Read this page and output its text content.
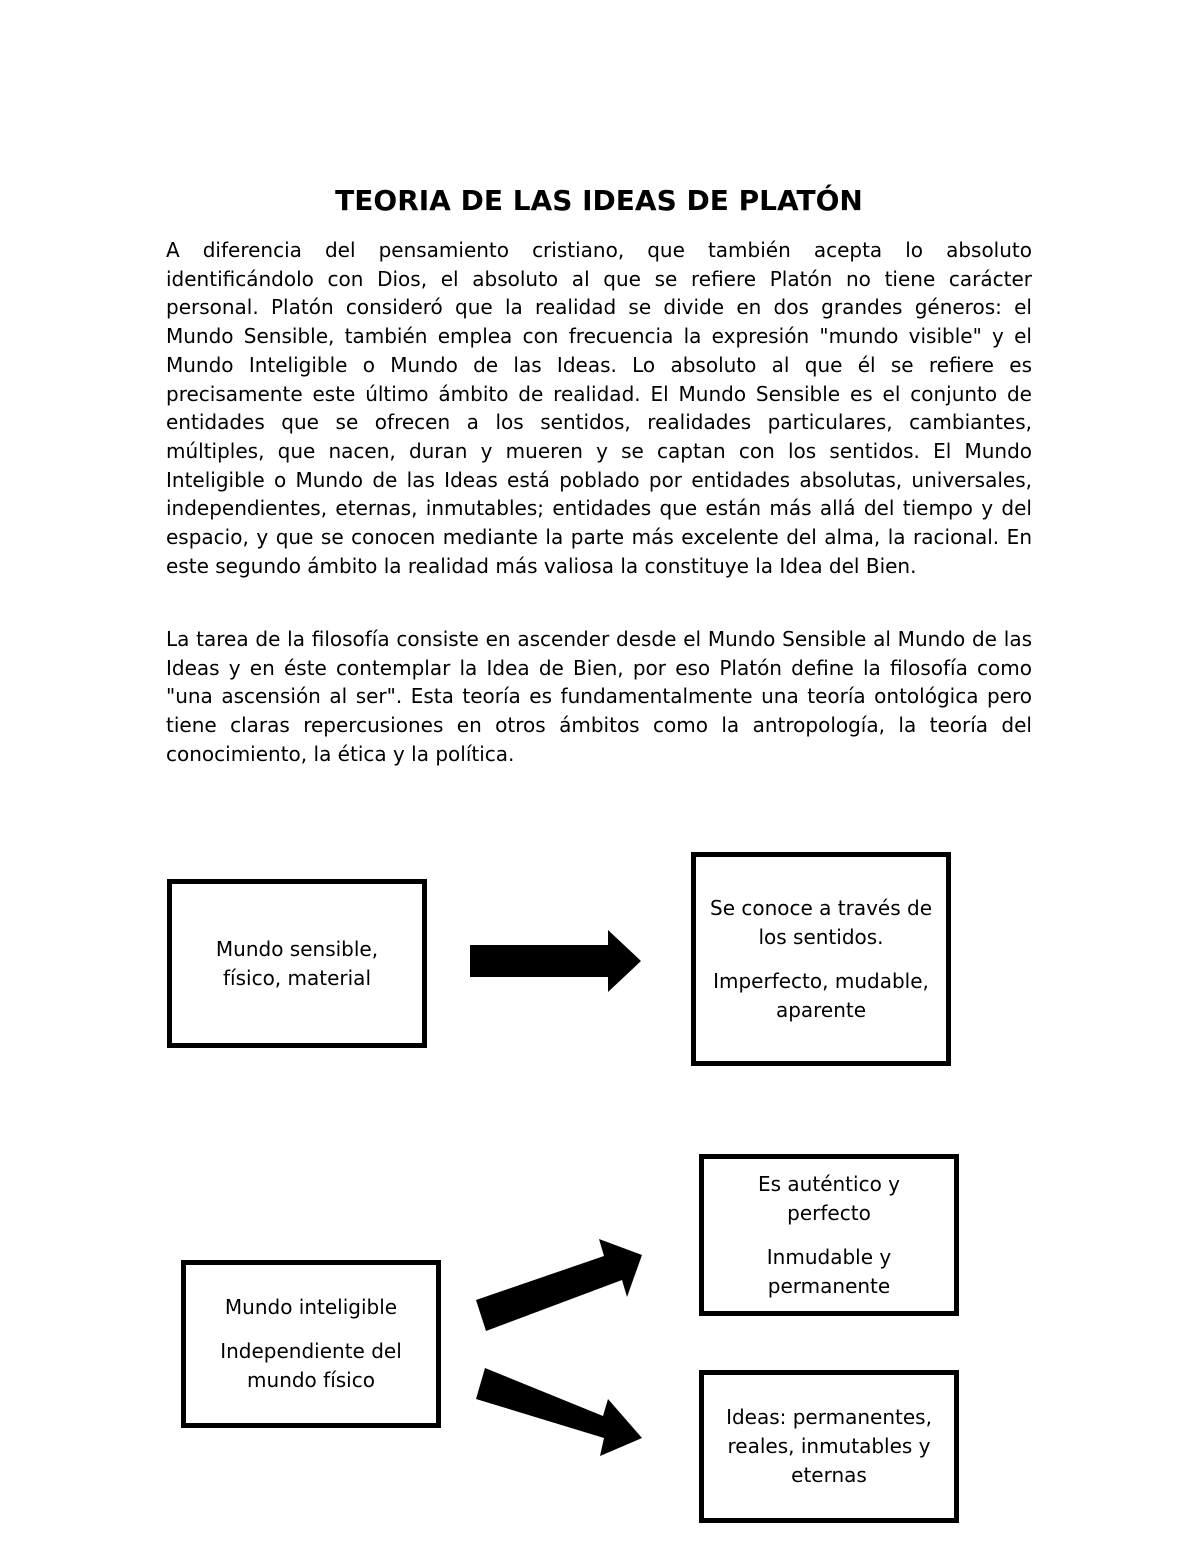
TEORIA DE LAS IDEAS DE PLATÓN

A diferencia del pensamiento cristiano, que también acepta lo absoluto identificándolo con Dios, el absoluto al que se refiere Platón no tiene carácter personal. Platón consideró que la realidad se divide en dos grandes géneros: el Mundo Sensible, también emplea con frecuencia la expresión "mundo visible" y el Mundo Inteligible o Mundo de las Ideas. Lo absoluto al que él se refiere es precisamente este último ámbito de realidad. El Mundo Sensible es el conjunto de entidades que se ofrecen a los sentidos, realidades particulares, cambiantes, múltiples, que nacen, duran y mueren y se captan con los sentidos. El Mundo Inteligible o Mundo de las Ideas está poblado por entidades absolutas, universales, independientes, eternas, inmutables; entidades que están más allá del tiempo y del espacio, y que se conocen mediante la parte más excelente del alma, la racional. En este segundo ámbito la realidad más valiosa la constituye la Idea del Bien.

La tarea de la filosofía consiste en ascender desde el Mundo Sensible al Mundo de las Ideas y en éste contemplar la Idea de Bien, por eso Platón define la filosofía como "una ascensión al ser". Esta teoría es fundamentalmente una teoría ontológica pero tiene claras repercusiones en otros ámbitos como la antropología, la teoría del conocimiento, la ética y la política.

Mundo sensible, físico, material

Se conoce a través de los sentidos.

Imperfecto, mudable, aparente

Mundo inteligible

Independiente del mundo físico

Es auténtico y perfecto

Inmudable y permanente

Ideas: permanentes, reales, inmutables y eternas
